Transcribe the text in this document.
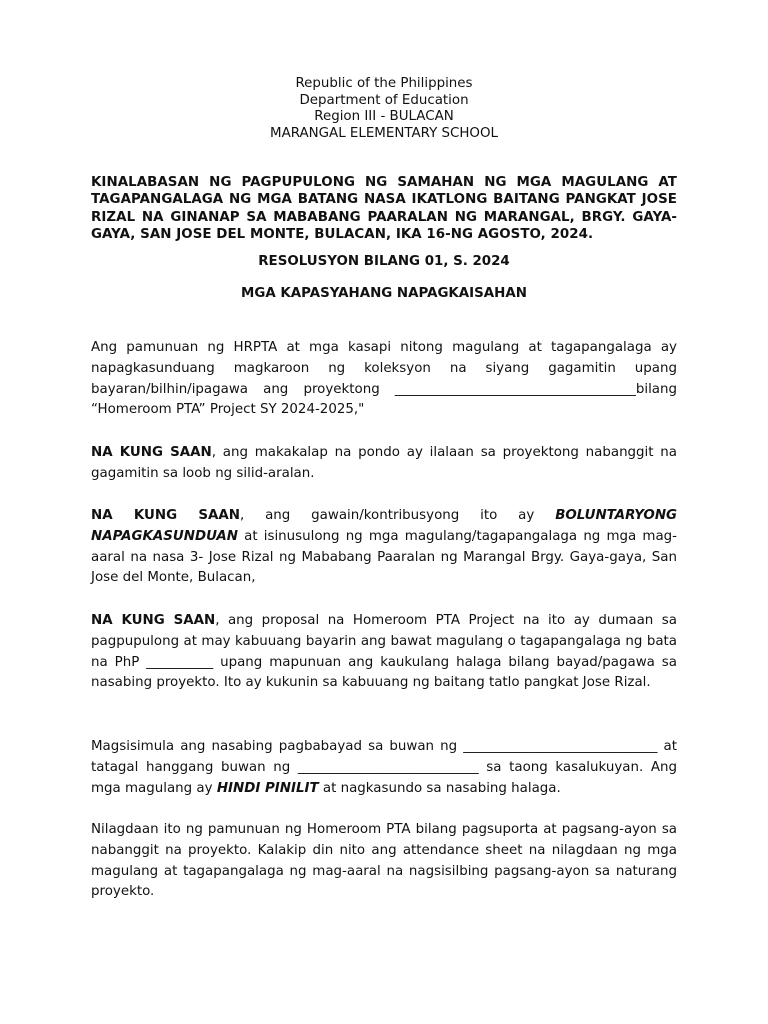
Republic of the Philippines
Department of Education
Region III - BULACAN
MARANGAL ELEMENTARY SCHOOL
KINALABASAN NG PAGPUPULONG NG SAMAHAN NG MGA MAGULANG AT TAGAPANGALAGA NG MGA BATANG NASA IKATLONG BAITANG PANGKAT JOSE RIZAL NA GINANAP SA MABABANG PAARALAN NG MARANGAL, BRGY. GAYA-GAYA, SAN JOSE DEL MONTE, BULACAN, IKA 16-NG AGOSTO, 2024.
RESOLUSYON BILANG 01, S. 2024
MGA KAPASYAHANG NAPAGKAISAHAN
Ang pamunuan ng HRPTA at mga kasapi nitong magulang at tagapangalaga ay napagkasunduang magkaroon ng koleksyon na siyang gagamitin upang bayaran/bilhin/ipagawa ang proyektong ____________________________________bilang “Homeroom PTA” Project SY 2024-2025,"
NA KUNG SAAN, ang makakalap na pondo ay ilalaan sa proyektong nabanggit na gagamitin sa loob ng silid-aralan.
NA KUNG SAAN, ang gawain/kontribusyong ito ay BOLUNTARYONG NAPAGKASUNDUAN at isinusulong ng mga magulang/tagapangalaga ng mga mag-aaral na nasa 3- Jose Rizal ng Mababang Paaralan ng Marangal Brgy. Gaya-gaya, San Jose del Monte, Bulacan,
NA KUNG SAAN, ang proposal na Homeroom PTA Project na ito ay dumaan sa pagpupulong at may kabuuang bayarin ang bawat magulang o tagapangalaga ng bata na PhP __________ upang mapunuan ang kaukulang halaga bilang bayad/pagawa sa nasabing proyekto. Ito ay kukunin sa kabuuang ng baitang tatlo pangkat Jose Rizal.
Magsisimula ang nasabing pagbabayad sa buwan ng _____________________________ at tatagal hanggang buwan ng ___________________________ sa taong kasalukuyan. Ang mga magulang ay HINDI PINILIT at nagkasundo sa nasabing halaga.
Nilagdaan ito ng pamunuan ng Homeroom PTA bilang pagsuporta at pagsang-ayon sa nabanggit na proyekto. Kalakip din nito ang attendance sheet na nilagdaan ng mga magulang at tagapangalaga ng mag-aaral na nagsisilbing pagsang-ayon sa naturang proyekto.
